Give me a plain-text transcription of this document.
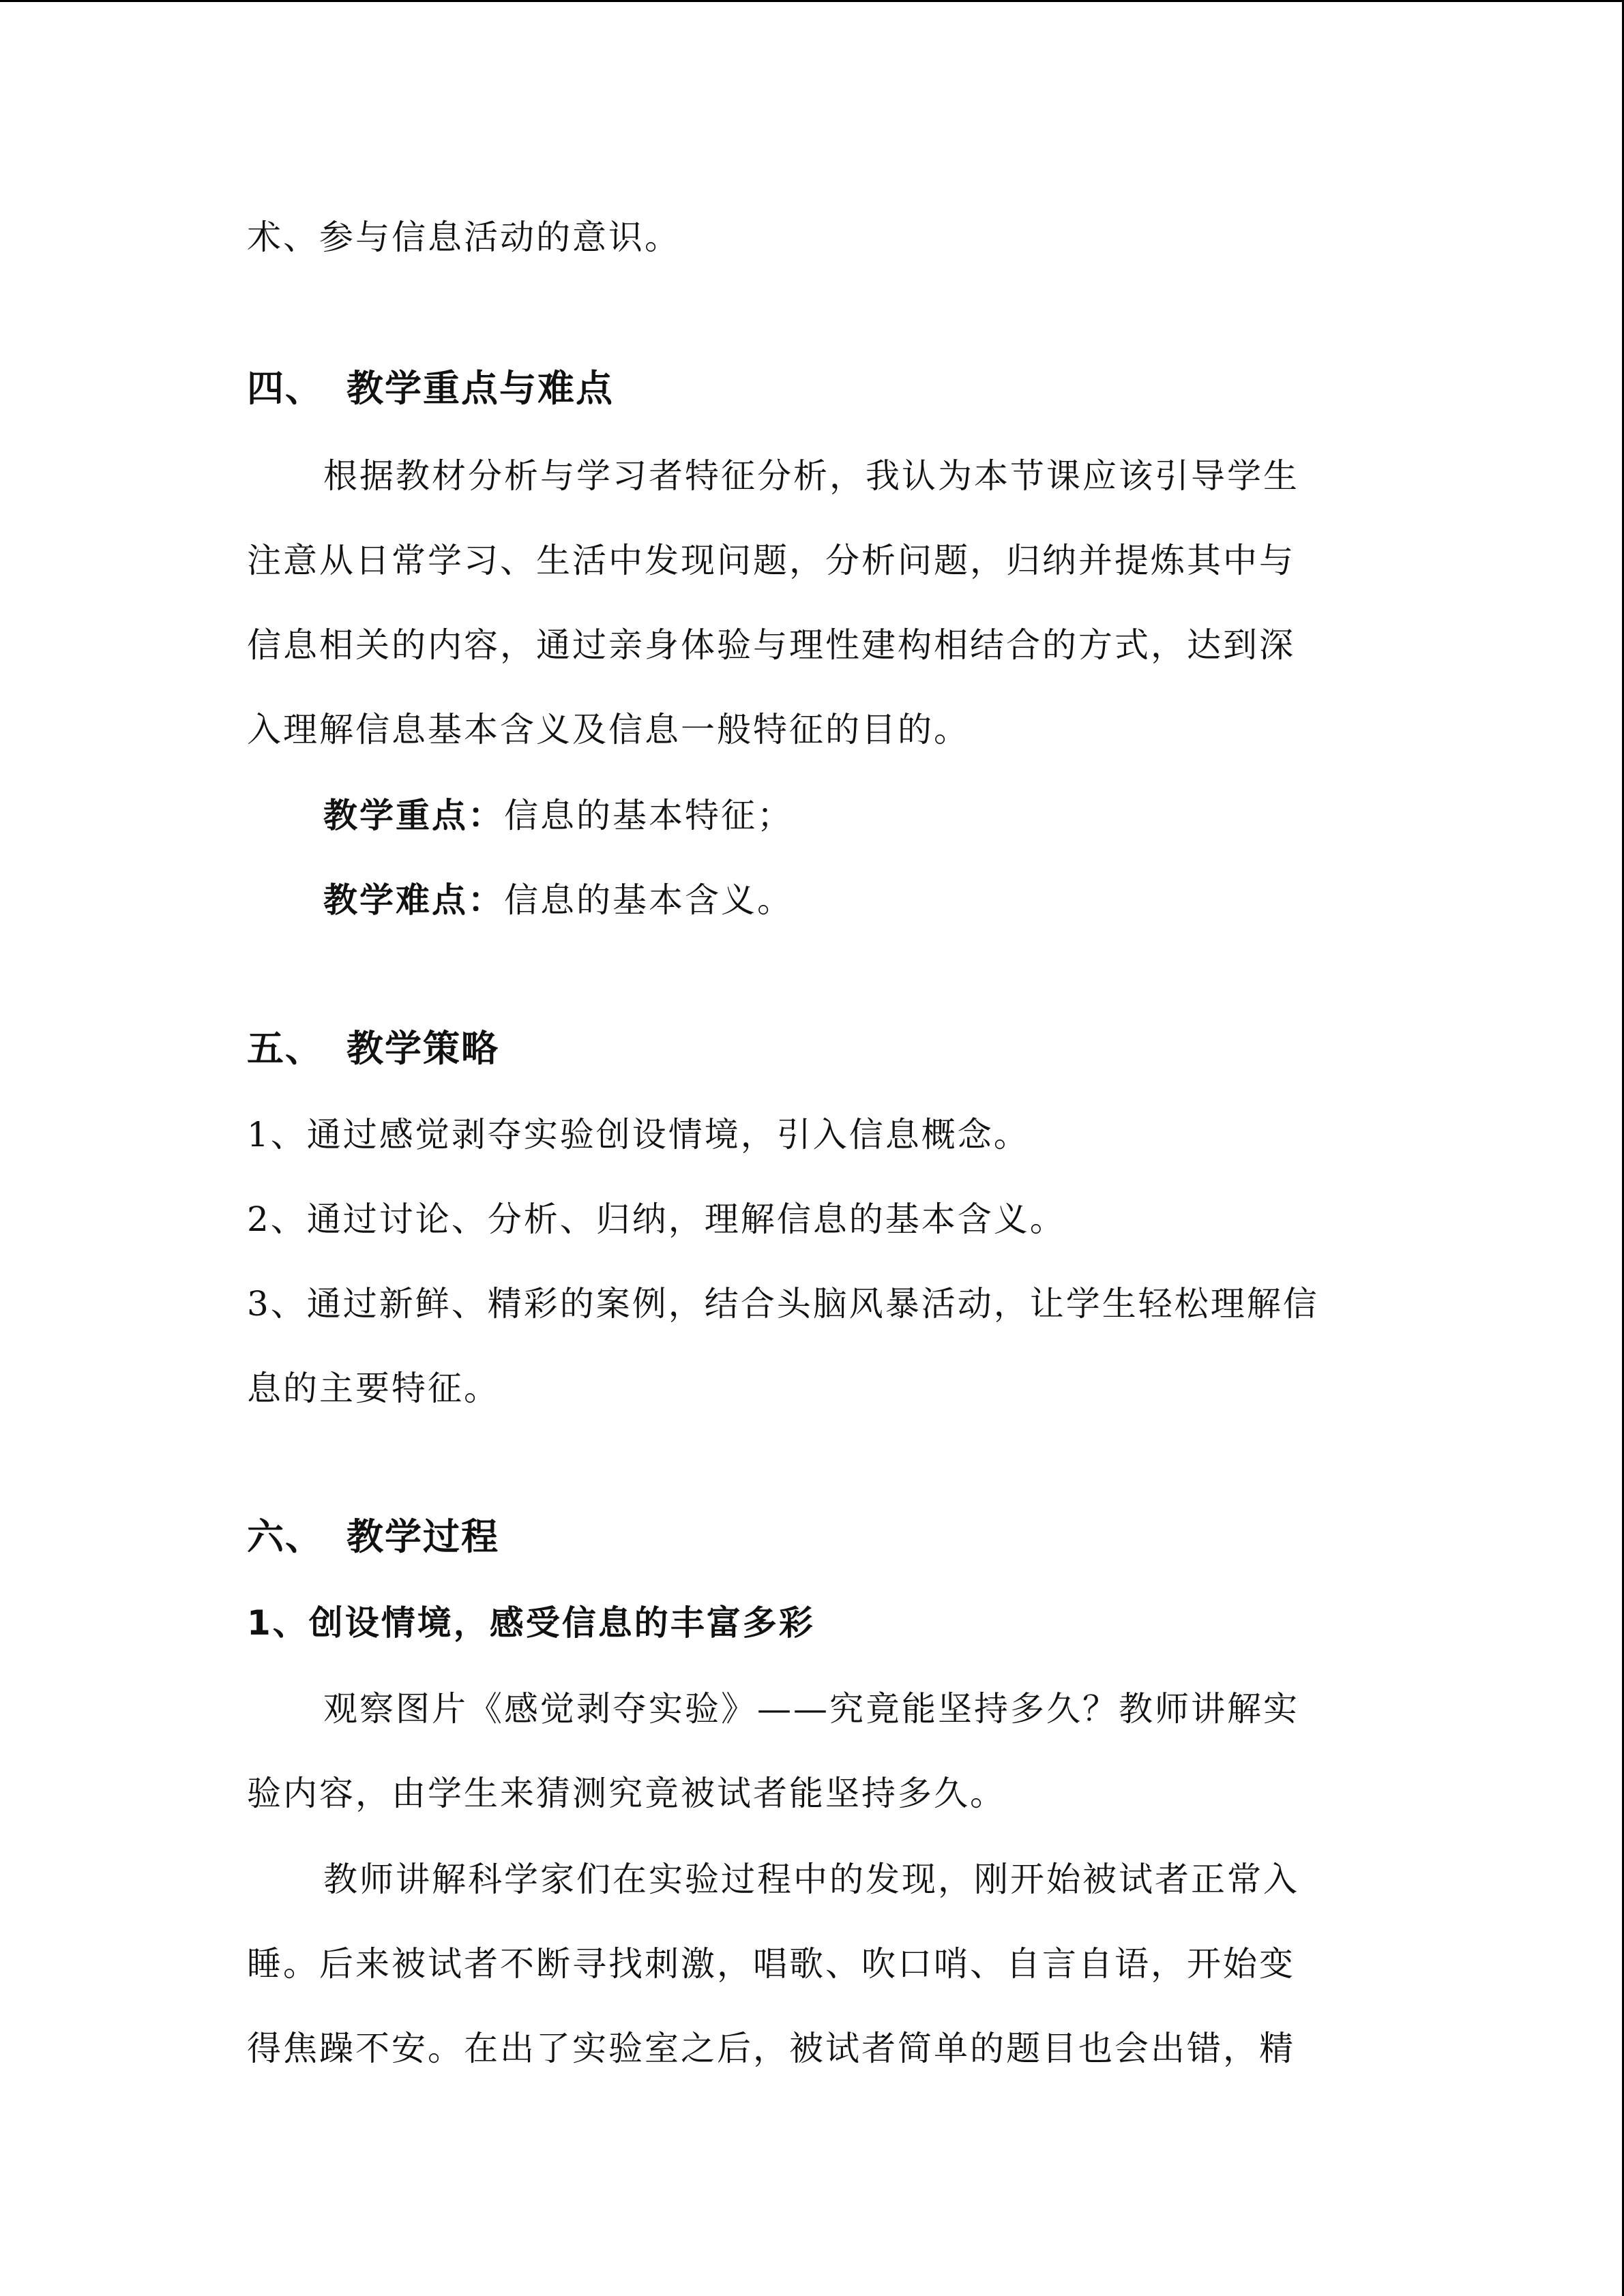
术、参与信息活动的意识。
四、 教学重点与难点
根据教材分析与学习者特征分析，我认为本节课应该引导学生
注意从日常学习、生活中发现问题，分析问题，归纳并提炼其中与
信息相关的内容，通过亲身体验与理性建构相结合的方式，达到深
入理解信息基本含义及信息一般特征的目的。
教学重点：信息的基本特征；
教学难点：信息的基本含义。
五、 教学策略
1、通过感觉剥夺实验创设情境，引入信息概念。
2、通过讨论、分析、归纳，理解信息的基本含义。
3、通过新鲜、精彩的案例，结合头脑风暴活动，让学生轻松理解信
息的主要特征。
六、 教学过程
1、创设情境，感受信息的丰富多彩
观察图片《感觉剥夺实验》——究竟能坚持多久？教师讲解实
验内容，由学生来猜测究竟被试者能坚持多久。
教师讲解科学家们在实验过程中的发现，刚开始被试者正常入
睡。后来被试者不断寻找刺激，唱歌、吹口哨、自言自语，开始变
得焦躁不安。在出了实验室之后，被试者简单的题目也会出错，精
